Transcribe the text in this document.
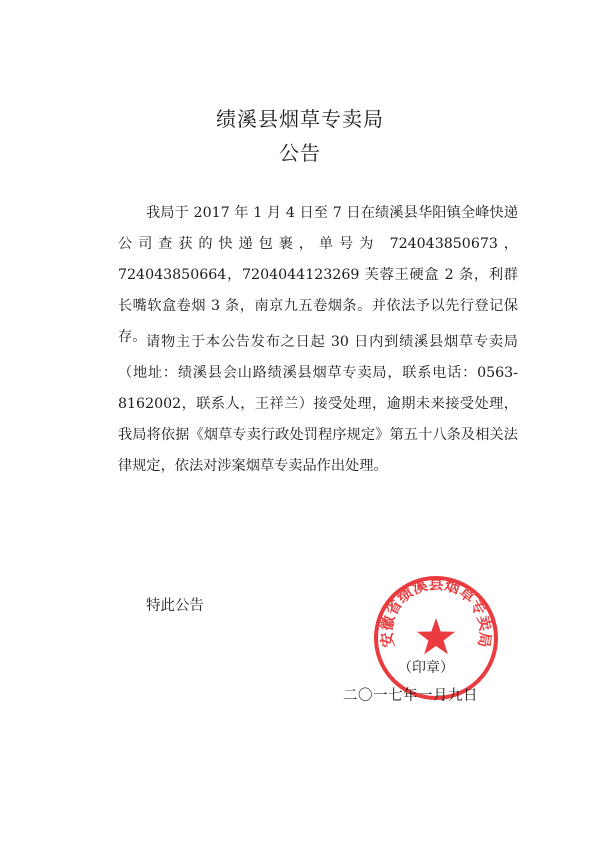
绩溪县烟草专卖局
公告
我局于 2017 年 1 月 4 日至 7 日在绩溪县华阳镇全峰快递公司查获的快递包裹，单号为 724043850673，724043850664，7204044123269 芙蓉王硬盒 2 条，利群长嘴软盒卷烟 3 条，南京九五卷烟条。并依法予以先行登记保存。 请物主于本公告发布之日起 30 日内到绩溪县烟草专卖局（地址：绩溪县会山路绩溪县烟草专卖局，联系电话：0563-8162002，联系人，王祥兰）接受处理，逾期未来接受处理，我局将依据《烟草专卖行政处罚程序规定》第五十八条及相关法律规定，依法对涉案烟草专卖品作出处理。
特此公告
安徽省绩溪县烟草专卖局
（印章）
二〇一七年一月九日
